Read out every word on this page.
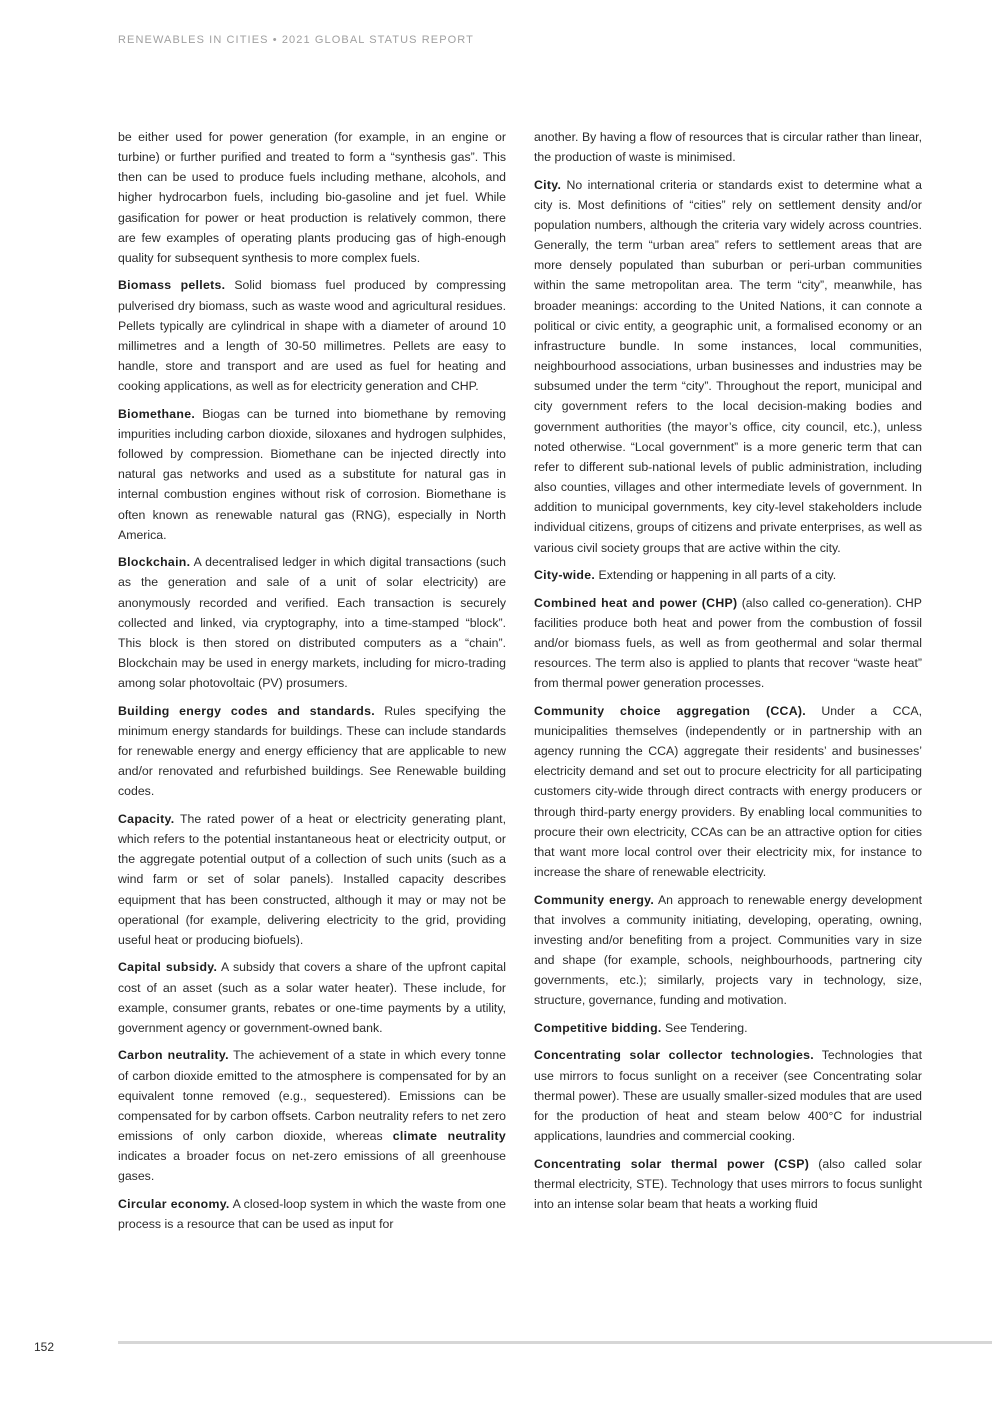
RENEWABLES IN CITIES • 2021 GLOBAL STATUS REPORT

be either used for power generation (for example, in an engine or turbine) or further purified and treated to form a “synthesis gas”. This then can be used to produce fuels including methane, alcohols, and higher hydrocarbon fuels, including bio-gasoline and jet fuel. While gasification for power or heat production is relatively common, there are few examples of operating plants producing gas of high-enough quality for subsequent synthesis to more complex fuels.

Biomass pellets. Solid biomass fuel produced by compressing pulverised dry biomass, such as waste wood and agricultural residues. Pellets typically are cylindrical in shape with a diameter of around 10 millimetres and a length of 30-50 millimetres. Pellets are easy to handle, store and transport and are used as fuel for heating and cooking applications, as well as for electricity generation and CHP.

Biomethane. Biogas can be turned into biomethane by removing impurities including carbon dioxide, siloxanes and hydrogen sulphides, followed by compression. Biomethane can be injected directly into natural gas networks and used as a substitute for natural gas in internal combustion engines without risk of corrosion. Biomethane is often known as renewable natural gas (RNG), especially in North America.

Blockchain. A decentralised ledger in which digital transactions (such as the generation and sale of a unit of solar electricity) are anonymously recorded and verified. Each transaction is securely collected and linked, via cryptography, into a time-stamped “block”. This block is then stored on distributed computers as a “chain”. Blockchain may be used in energy markets, including for micro-trading among solar photovoltaic (PV) prosumers.

Building energy codes and standards. Rules specifying the minimum energy standards for buildings. These can include standards for renewable energy and energy efficiency that are applicable to new and/or renovated and refurbished buildings. See Renewable building codes.

Capacity. The rated power of a heat or electricity generating plant, which refers to the potential instantaneous heat or electricity output, or the aggregate potential output of a collection of such units (such as a wind farm or set of solar panels). Installed capacity describes equipment that has been constructed, although it may or may not be operational (for example, delivering electricity to the grid, providing useful heat or producing biofuels).

Capital subsidy. A subsidy that covers a share of the upfront capital cost of an asset (such as a solar water heater). These include, for example, consumer grants, rebates or one-time payments by a utility, government agency or government-owned bank.

Carbon neutrality. The achievement of a state in which every tonne of carbon dioxide emitted to the atmosphere is compensated for by an equivalent tonne removed (e.g., sequestered). Emissions can be compensated for by carbon offsets. Carbon neutrality refers to net zero emissions of only carbon dioxide, whereas climate neutrality indicates a broader focus on net-zero emissions of all greenhouse gases.

Circular economy. A closed-loop system in which the waste from one process is a resource that can be used as input for

another. By having a flow of resources that is circular rather than linear, the production of waste is minimised.

City. No international criteria or standards exist to determine what a city is. Most definitions of “cities” rely on settlement density and/or population numbers, although the criteria vary widely across countries. Generally, the term “urban area” refers to settlement areas that are more densely populated than suburban or peri-urban communities within the same metropolitan area. The term “city”, meanwhile, has broader meanings: according to the United Nations, it can connote a political or civic entity, a geographic unit, a formalised economy or an infrastructure bundle. In some instances, local communities, neighbourhood associations, urban businesses and industries may be subsumed under the term “city”. Throughout the report, municipal and city government refers to the local decision-making bodies and government authorities (the mayor’s office, city council, etc.), unless noted otherwise. “Local government” is a more generic term that can refer to different sub-national levels of public administration, including also counties, villages and other intermediate levels of government. In addition to municipal governments, key city-level stakeholders include individual citizens, groups of citizens and private enterprises, as well as various civil society groups that are active within the city.

City-wide. Extending or happening in all parts of a city.

Combined heat and power (CHP) (also called co-generation). CHP facilities produce both heat and power from the combustion of fossil and/or biomass fuels, as well as from geothermal and solar thermal resources. The term also is applied to plants that recover “waste heat” from thermal power generation processes.

Community choice aggregation (CCA). Under a CCA, municipalities themselves (independently or in partnership with an agency running the CCA) aggregate their residents’ and businesses’ electricity demand and set out to procure electricity for all participating customers city-wide through direct contracts with energy producers or through third-party energy providers. By enabling local communities to procure their own electricity, CCAs can be an attractive option for cities that want more local control over their electricity mix, for instance to increase the share of renewable electricity.

Community energy. An approach to renewable energy development that involves a community initiating, developing, operating, owning, investing and/or benefiting from a project. Communities vary in size and shape (for example, schools, neighbourhoods, partnering city governments, etc.); similarly, projects vary in technology, size, structure, governance, funding and motivation.

Competitive bidding. See Tendering.

Concentrating solar collector technologies. Technologies that use mirrors to focus sunlight on a receiver (see Concentrating solar thermal power). These are usually smaller-sized modules that are used for the production of heat and steam below 400°C for industrial applications, laundries and commercial cooking.

Concentrating solar thermal power (CSP) (also called solar thermal electricity, STE). Technology that uses mirrors to focus sunlight into an intense solar beam that heats a working fluid

152
